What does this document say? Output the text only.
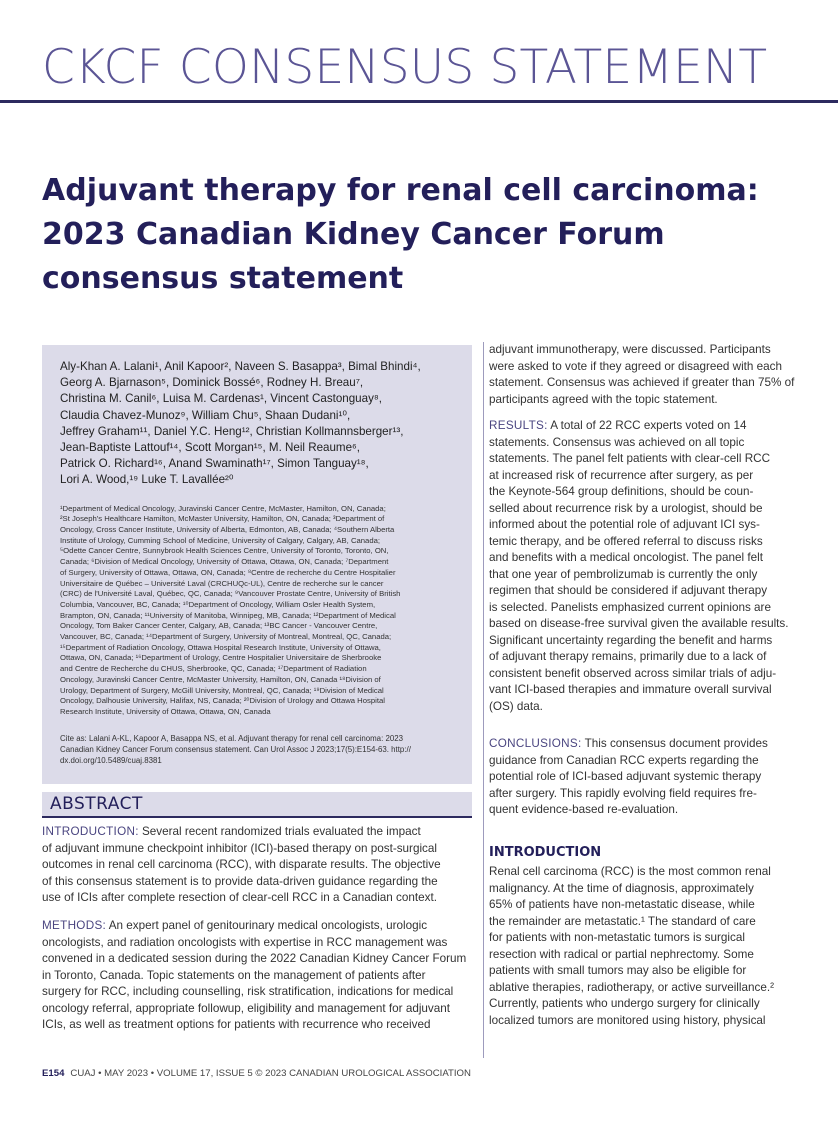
CKCF CONSENSUS STATEMENT
Adjuvant therapy for renal cell carcinoma:
2023 Canadian Kidney Cancer Forum
consensus statement
Aly-Khan A. Lalani¹, Anil Kapoor², Naveen S. Basappa³, Bimal Bhindi⁴,
Georg A. Bjarnason⁵, Dominick Bossé⁶, Rodney H. Breau⁷,
Christina M. Canil⁶, Luisa M. Cardenas¹, Vincent Castonguay⁸,
Claudia Chavez-Munoz⁹, William Chu⁵, Shaan Dudani¹⁰,
Jeffrey Graham¹¹, Daniel Y.C. Heng¹², Christian Kollmannsberger¹³,
Jean-Baptiste Lattouf¹⁴, Scott Morgan¹⁵, M. Neil Reaume⁶,
Patrick O. Richard¹⁶, Anand Swaminath¹⁷, Simon Tanguay¹⁸,
Lori A. Wood,¹⁹ Luke T. Lavallée²⁰
¹Department of Medical Oncology, Juravinski Cancer Centre, McMaster, Hamilton, ON, Canada;
²St Joseph's Healthcare Hamilton, McMaster University, Hamilton, ON, Canada; ³Department of
Oncology, Cross Cancer Institute, University of Alberta, Edmonton, AB, Canada; ⁴Southern Alberta
Institute of Urology, Cumming School of Medicine, University of Calgary, Calgary, AB, Canada;
⁵Odette Cancer Centre, Sunnybrook Health Sciences Centre, University of Toronto, Toronto, ON,
Canada; ⁶Division of Medical Oncology, University of Ottawa, Ottawa, ON, Canada; ⁷Department
of Surgery, University of Ottawa, Ottawa, ON, Canada; ⁸Centre de recherche du Centre Hospitalier
Universitaire de Québec – Université Laval (CRCHUQc-UL), Centre de recherche sur le cancer
(CRC) de l'Université Laval, Québec, QC, Canada; ⁹Vancouver Prostate Centre, University of British
Columbia, Vancouver, BC, Canada; ¹⁰Department of Oncology, William Osler Health System,
Brampton, ON, Canada; ¹¹University of Manitoba, Winnipeg, MB, Canada; ¹²Department of Medical
Oncology, Tom Baker Cancer Center, Calgary, AB, Canada; ¹³BC Cancer - Vancouver Centre,
Vancouver, BC, Canada; ¹⁴Department of Surgery, University of Montreal, Montreal, QC, Canada;
¹⁵Department of Radiation Oncology, Ottawa Hospital Research Institute, University of Ottawa,
Ottawa, ON, Canada; ¹⁶Department of Urology, Centre Hospitalier Universitaire de Sherbrooke
and Centre de Recherche du CHUS, Sherbrooke, QC, Canada; ¹⁷Department of Radiation
Oncology, Juravinski Cancer Centre, McMaster University, Hamilton, ON, Canada ¹⁸Division of
Urology, Department of Surgery, McGill University, Montreal, QC, Canada; ¹⁹Division of Medical
Oncology, Dalhousie University, Halifax, NS, Canada; ²⁰Division of Urology and Ottawa Hospital
Research Institute, University of Ottawa, Ottawa, ON, Canada
Cite as: Lalani A-KL, Kapoor A, Basappa NS, et al. Adjuvant therapy for renal cell carcinoma: 2023
Canadian Kidney Cancer Forum consensus statement. Can Urol Assoc J 2023;17(5):E154-63. http://
dx.doi.org/10.5489/cuaj.8381
ABSTRACT
INTRODUCTION: Several recent randomized trials evaluated the impact
of adjuvant immune checkpoint inhibitor (ICI)-based therapy on post-surgical
outcomes in renal cell carcinoma (RCC), with disparate results. The objective
of this consensus statement is to provide data-driven guidance regarding the
use of ICIs after complete resection of clear-cell RCC in a Canadian context.
METHODS: An expert panel of genitourinary medical oncologists, urologic
oncologists, and radiation oncologists with expertise in RCC management was
convened in a dedicated session during the 2022 Canadian Kidney Cancer Forum
in Toronto, Canada. Topic statements on the management of patients after
surgery for RCC, including counselling, risk stratification, indications for medical
oncology referral, appropriate followup, eligibility and management for adjuvant
ICIs, as well as treatment options for patients with recurrence who received
adjuvant immunotherapy, were discussed. Participants
were asked to vote if they agreed or disagreed with each
statement. Consensus was achieved if greater than 75% of
participants agreed with the topic statement.
RESULTS: A total of 22 RCC experts voted on 14
statements. Consensus was achieved on all topic
statements. The panel felt patients with clear-cell RCC
at increased risk of recurrence after surgery, as per
the Keynote-564 group definitions, should be coun-
selled about recurrence risk by a urologist, should be
informed about the potential role of adjuvant ICI sys-
temic therapy, and be offered referral to discuss risks
and benefits with a medical oncologist. The panel felt
that one year of pembrolizumab is currently the only
regimen that should be considered if adjuvant therapy
is selected. Panelists emphasized current opinions are
based on disease-free survival given the available results.
Significant uncertainty regarding the benefit and harms
of adjuvant therapy remains, primarily due to a lack of
consistent benefit observed across similar trials of adju-
vant ICI-based therapies and immature overall survival
(OS) data.
CONCLUSIONS: This consensus document provides
guidance from Canadian RCC experts regarding the
potential role of ICI-based adjuvant systemic therapy
after surgery. This rapidly evolving field requires fre-
quent evidence-based re-evaluation.
INTRODUCTION
Renal cell carcinoma (RCC) is the most common renal
malignancy. At the time of diagnosis, approximately
65% of patients have non-metastatic disease, while
the remainder are metastatic.¹ The standard of care
for patients with non-metastatic tumors is surgical
resection with radical or partial nephrectomy. Some
patients with small tumors may also be eligible for
ablative therapies, radiotherapy, or active surveillance.²
Currently, patients who undergo surgery for clinically
localized tumors are monitored using history, physical
E154 CUAJ • MAY 2023 • VOLUME 17, ISSUE 5 © 2023 CANADIAN UROLOGICAL ASSOCIATION
